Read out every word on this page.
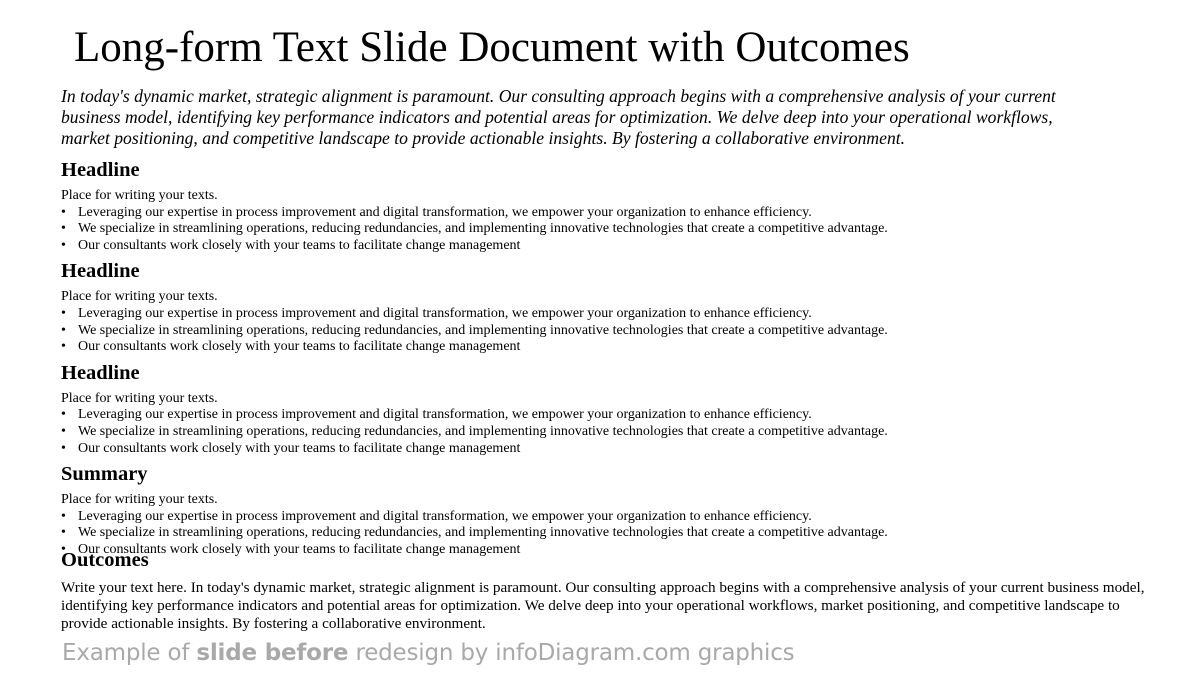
Long-form Text Slide Document with Outcomes

In today's dynamic market, strategic alignment is paramount. Our consulting approach begins with a comprehensive analysis of your current business model, identifying key performance indicators and potential areas for optimization. We delve deep into your operational workflows, market positioning, and competitive landscape to provide actionable insights. By fostering a collaborative environment.

Headline

Place for writing your texts.

• Leveraging our expertise in process improvement and digital transformation, we empower your organization to enhance efficiency.
• We specialize in streamlining operations, reducing redundancies, and implementing innovative technologies that create a competitive advantage.
• Our consultants work closely with your teams to facilitate change management
Headline

Place for writing your texts.

• Leveraging our expertise in process improvement and digital transformation, we empower your organization to enhance efficiency.
• We specialize in streamlining operations, reducing redundancies, and implementing innovative technologies that create a competitive advantage.
• Our consultants work closely with your teams to facilitate change management
Headline

Place for writing your texts.

• Leveraging our expertise in process improvement and digital transformation, we empower your organization to enhance efficiency.
• We specialize in streamlining operations, reducing redundancies, and implementing innovative technologies that create a competitive advantage.
• Our consultants work closely with your teams to facilitate change management
Summary

Place for writing your texts.

• Leveraging our expertise in process improvement and digital transformation, we empower your organization to enhance efficiency.
• We specialize in streamlining operations, reducing redundancies, and implementing innovative technologies that create a competitive advantage.
• Our consultants work closely with your teams to facilitate change management
Outcomes

Write your text here. In today's dynamic market, strategic alignment is paramount. Our consulting approach begins with a comprehensive analysis of your current business model, identifying key performance indicators and potential areas for optimization. We delve deep into your operational workflows, market positioning, and competitive landscape to provide actionable insights. By fostering a collaborative environment.

Example of slide before redesign by infoDiagram.com graphics
